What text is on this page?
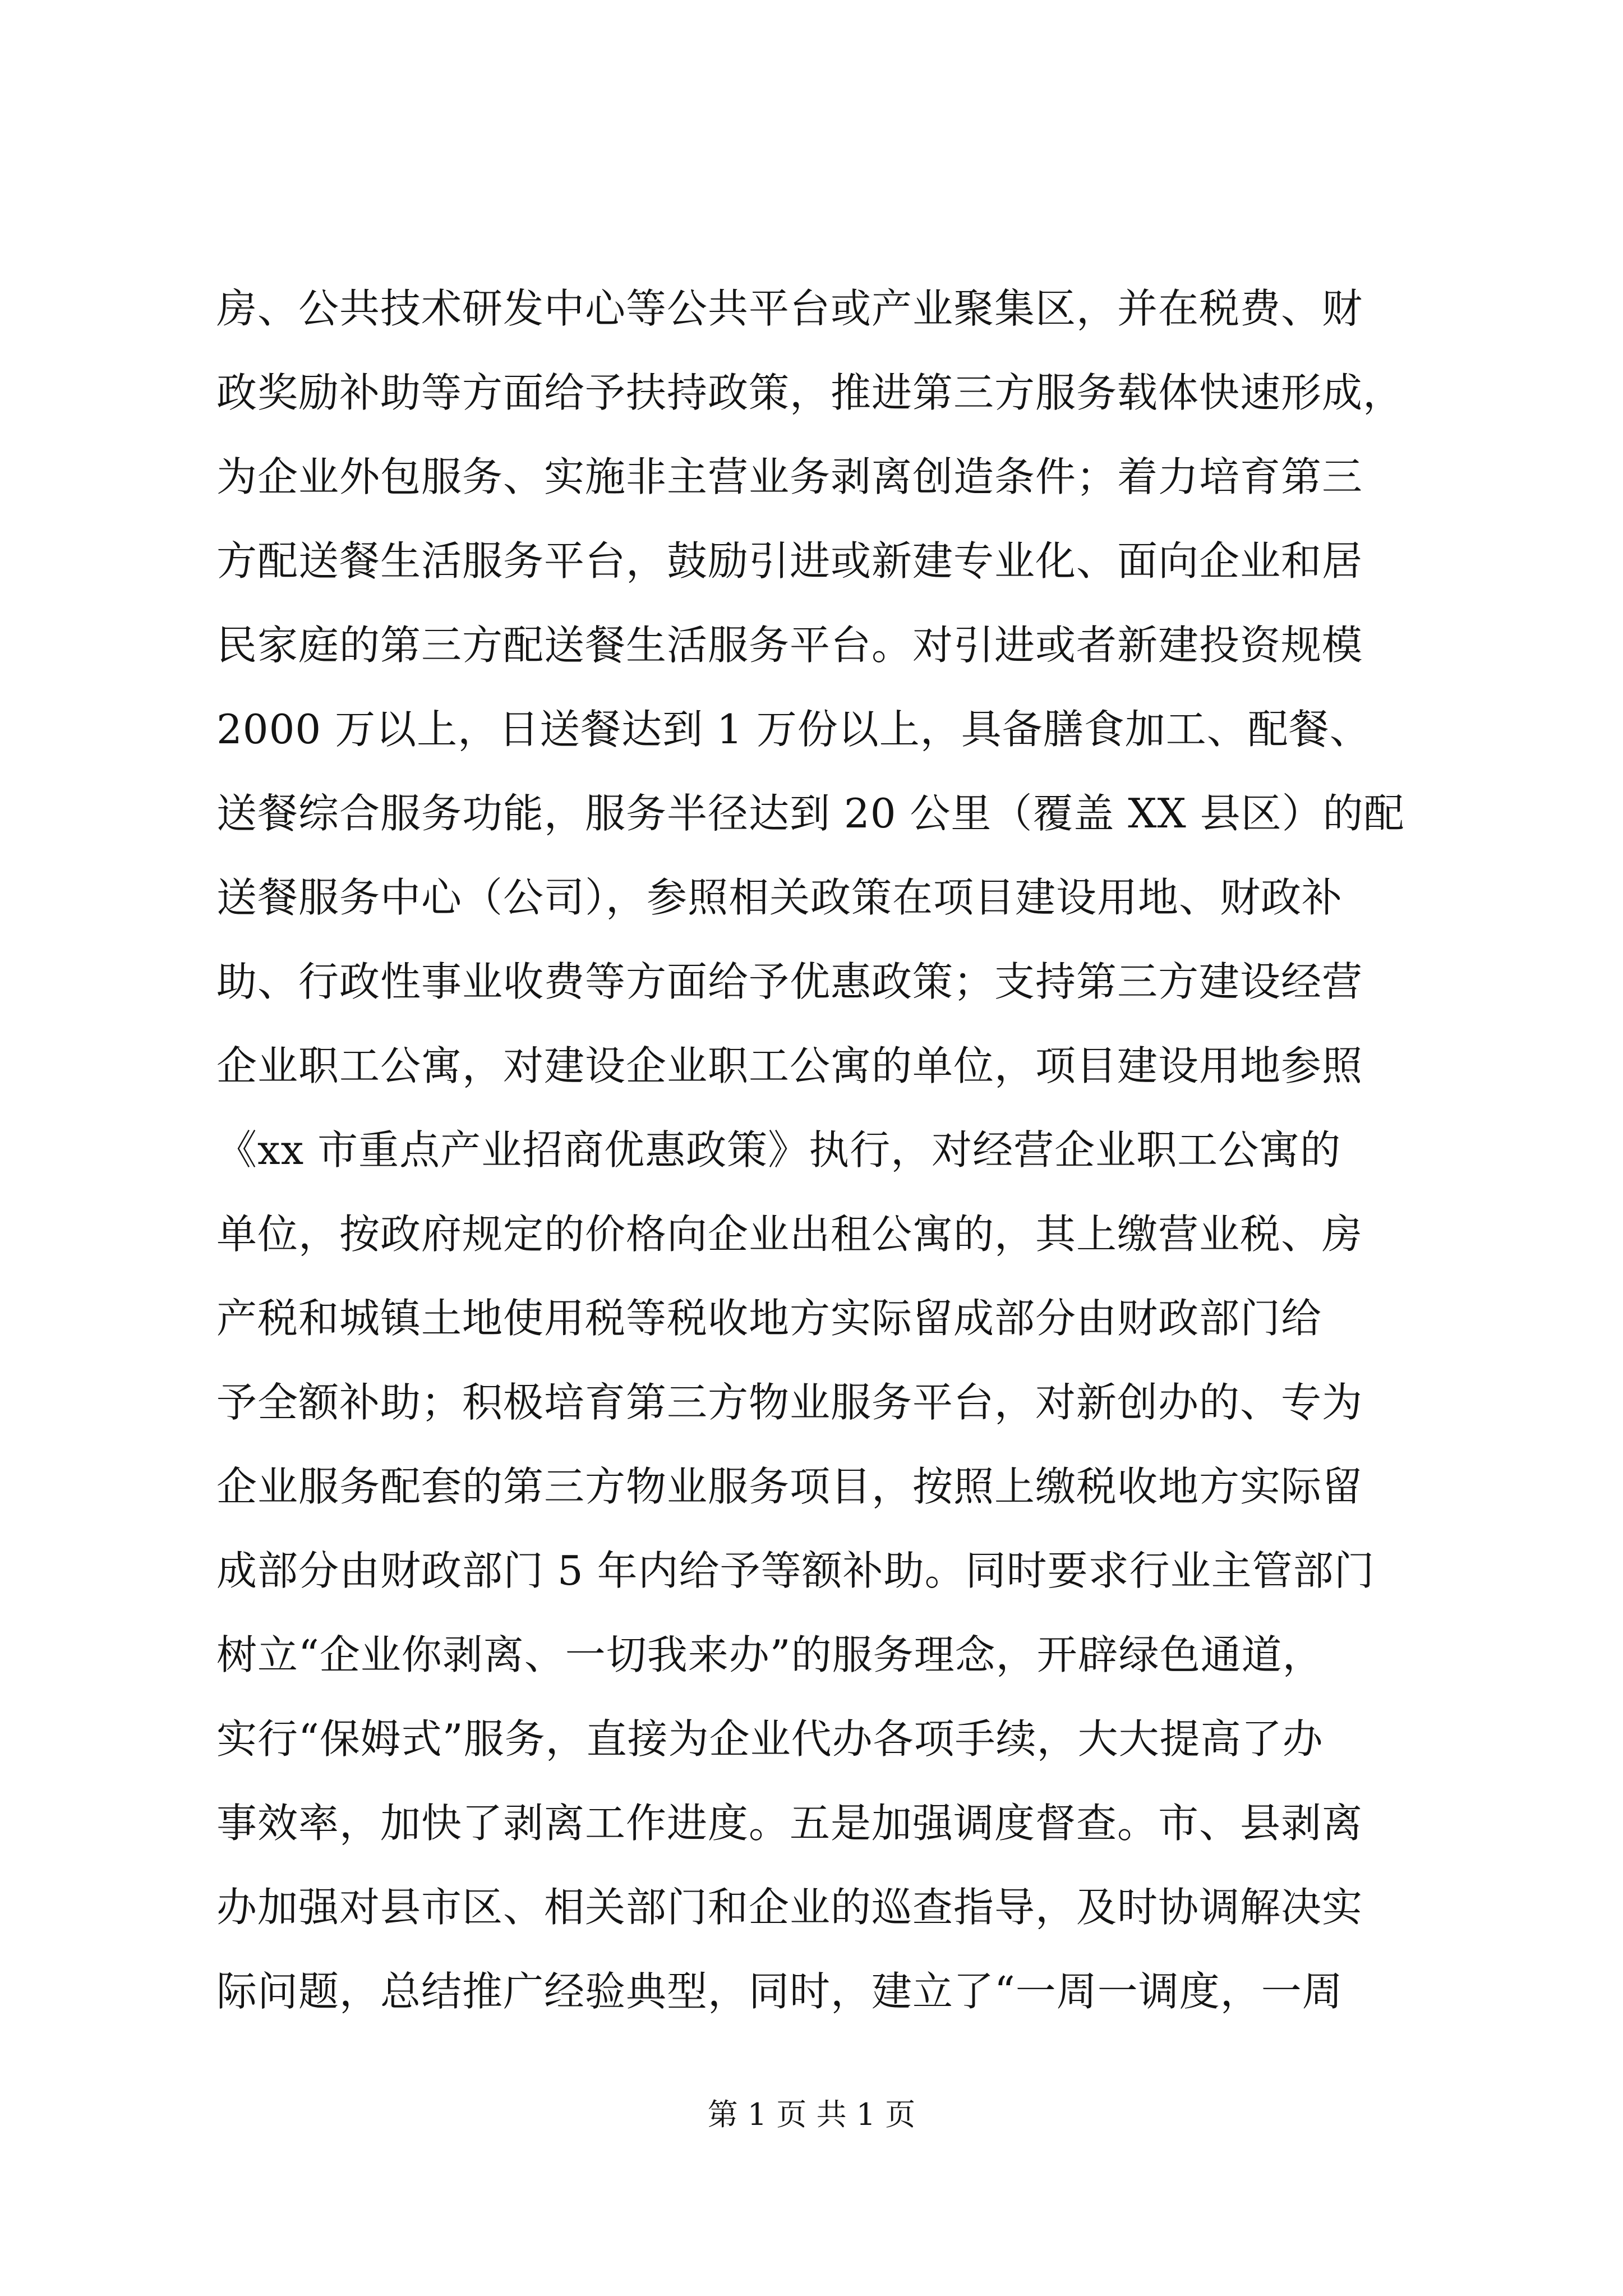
房、公共技术研发中心等公共平台或产业聚集区，并在税费、财
政奖励补助等方面给予扶持政策，推进第三方服务载体快速形成，
为企业外包服务、实施非主营业务剥离创造条件；着力培育第三
方配送餐生活服务平台，鼓励引进或新建专业化、面向企业和居
民家庭的第三方配送餐生活服务平台。对引进或者新建投资规模
2000 万以上，日送餐达到 1 万份以上，具备膳食加工、配餐、
送餐综合服务功能，服务半径达到 20 公里（覆盖 XX 县区）的配
送餐服务中心（公司），参照相关政策在项目建设用地、财政补
助、行政性事业收费等方面给予优惠政策；支持第三方建设经营
企业职工公寓，对建设企业职工公寓的单位，项目建设用地参照
《xx 市重点产业招商优惠政策》执行，对经营企业职工公寓的
单位，按政府规定的价格向企业出租公寓的，其上缴营业税、房
产税和城镇土地使用税等税收地方实际留成部分由财政部门给
予全额补助；积极培育第三方物业服务平台，对新创办的、专为
企业服务配套的第三方物业服务项目，按照上缴税收地方实际留
成部分由财政部门 5 年内给予等额补助。同时要求行业主管部门
树立“企业你剥离、一切我来办”的服务理念，开辟绿色通道，
实行“保姆式”服务，直接为企业代办各项手续，大大提高了办
事效率，加快了剥离工作进度。五是加强调度督查。市、县剥离
办加强对县市区、相关部门和企业的巡查指导，及时协调解决实
际问题，总结推广经验典型，同时，建立了“一周一调度，一周
第 1 页 共 1 页
